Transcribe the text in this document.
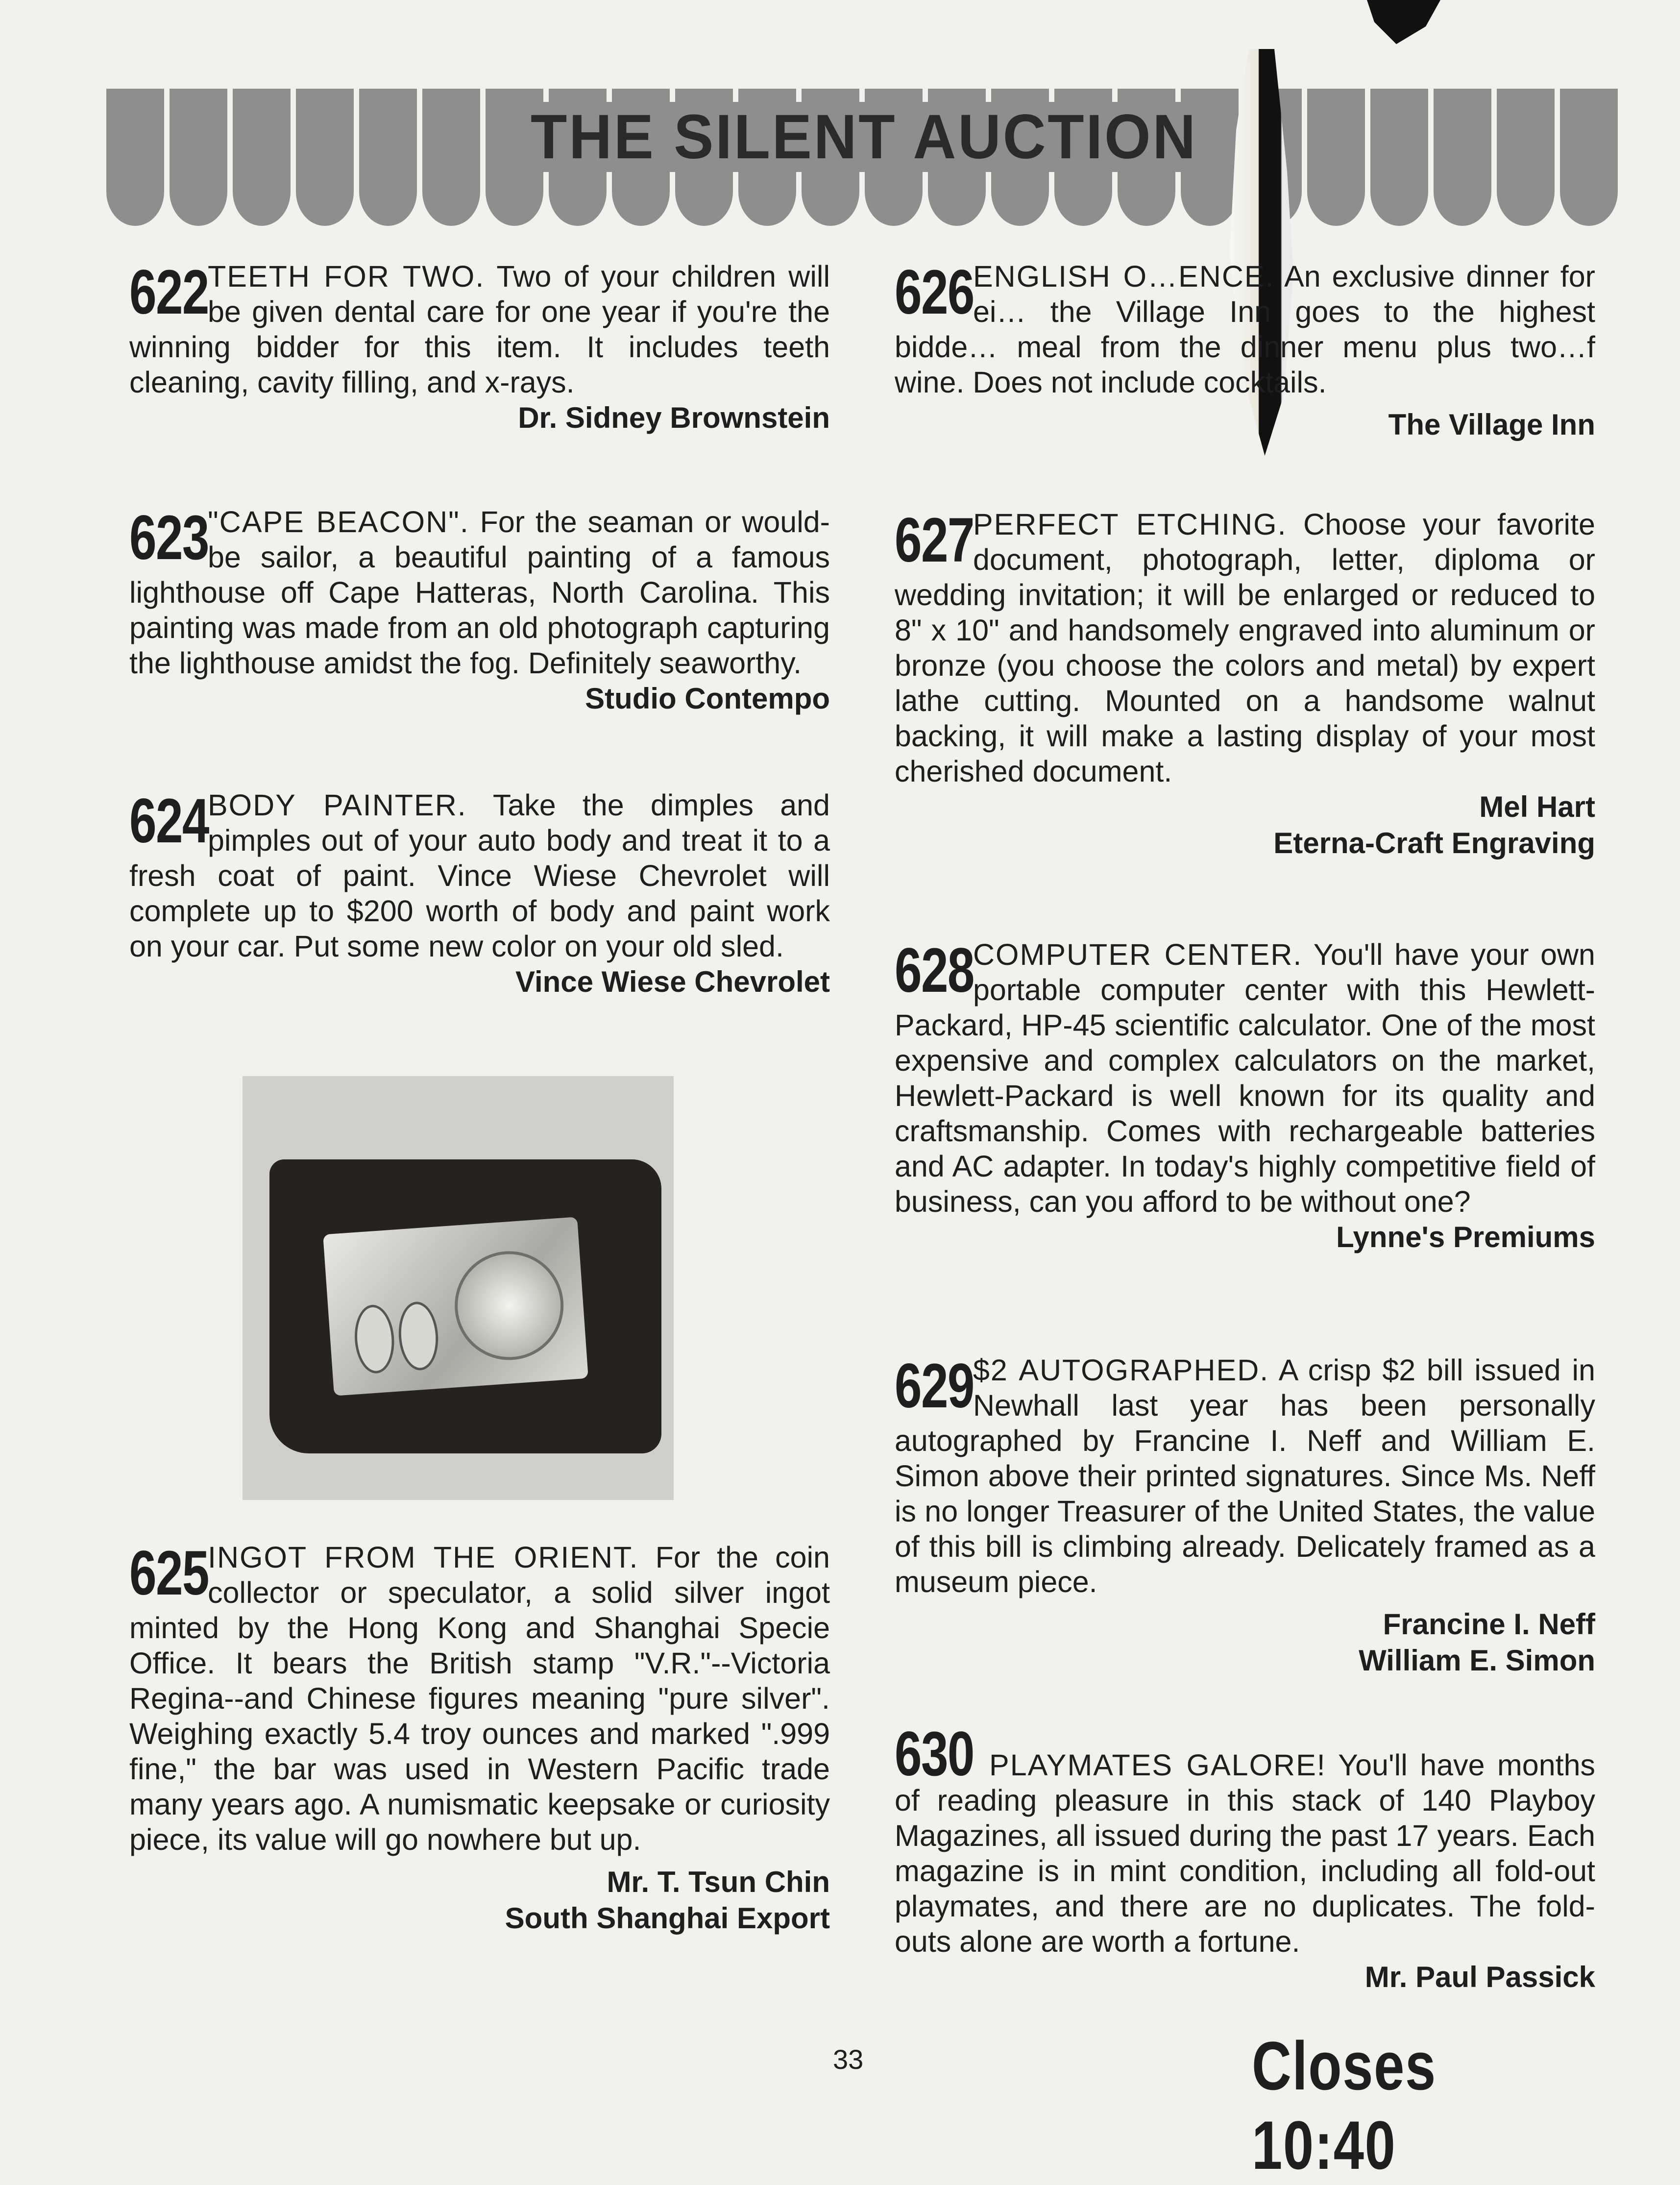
THE SILENT AUCTION
622
TEETH FOR TWO. Two of your children will be given dental care for one year if you're the winning bidder for this item. It includes teeth cleaning, cavity filling, and x-rays.
Dr. Sidney Brownstein
623
"CAPE BEACON". For the seaman or would-be sailor, a beautiful painting of a famous lighthouse off Cape Hatteras, North Carolina. This painting was made from an old photograph capturing the lighthouse amidst the fog. Definitely seaworthy.
Studio Contempo
624
BODY PAINTER. Take the dimples and pimples out of your auto body and treat it to a fresh coat of paint. Vince Wiese Chevrolet will complete up to $200 worth of body and paint work on your car. Put some new color on your old sled.
Vince Wiese Chevrolet
625
INGOT FROM THE ORIENT. For the coin collector or speculator, a solid silver ingot minted by the Hong Kong and Shanghai Specie Office. It bears the British stamp "V.R."--Victoria Regina--and Chinese figures meaning "pure silver". Weighing exactly 5.4 troy ounces and marked ".999 fine," the bar was used in Western Pacific trade many years ago. A numismatic keepsake or curiosity piece, its value will go nowhere but up.
Mr. T. Tsun Chin
South Shanghai Export
626
ENGLISH O…ENCE. An exclusive dinner for ei… the Village Inn goes to the highest bidde… meal from the dinner menu plus two…f wine. Does not include cocktails.
The Village Inn
627
PERFECT ETCHING. Choose your favorite document, photograph, letter, diploma or wedding invitation; it will be enlarged or reduced to 8" x 10" and handsomely engraved into aluminum or bronze (you choose the colors and metal) by expert lathe cutting. Mounted on a handsome walnut backing, it will make a lasting display of your most cherished document.
Mel Hart
Eterna-Craft Engraving
628
COMPUTER CENTER. You'll have your own portable computer center with this Hewlett-Packard, HP-45 scientific calculator. One of the most expensive and complex calculators on the market, Hewlett-Packard is well known for its quality and craftsmanship. Comes with rechargeable batteries and AC adapter. In today's highly competitive field of business, can you afford to be without one?
Lynne's Premiums
629
$2 AUTOGRAPHED. A crisp $2 bill issued in Newhall last year has been personally autographed by Francine I. Neff and William E. Simon above their printed signatures. Since Ms. Neff is no longer Treasurer of the United States, the value of this bill is climbing already. Delicately framed as a museum piece.
Francine I. Neff
William E. Simon
630 PLAYMATES GALORE! You'll have months of reading pleasure in this stack of 140 Playboy Magazines, all issued during the past 17 years. Each magazine is in mint condition, including all fold-out playmates, and there are no duplicates. The fold-outs alone are worth a fortune.
Mr. Paul Passick
33	Closes 10:40
